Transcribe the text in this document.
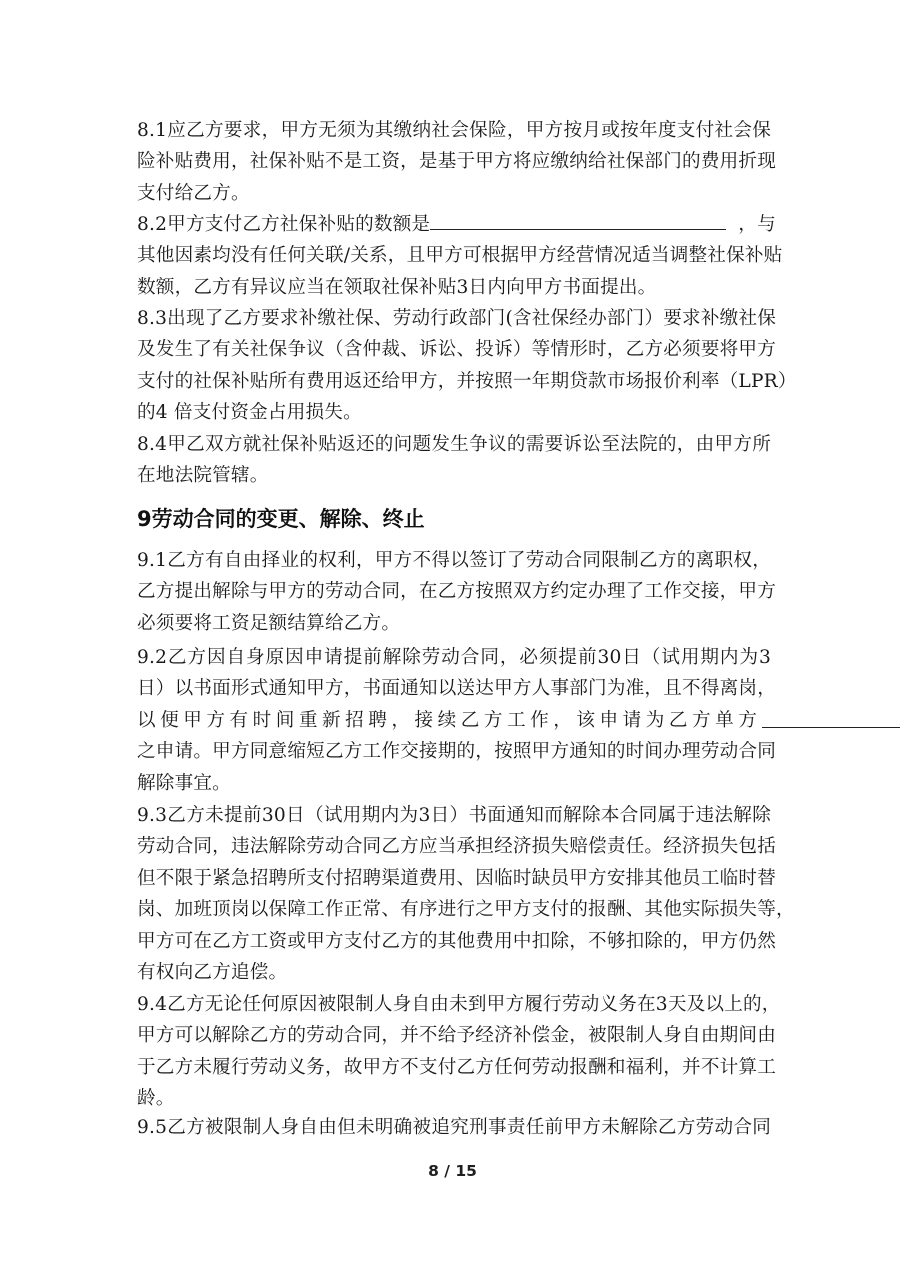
8.1应乙方要求，甲方无须为其缴纳社会保险，甲方按月或按年度支付社会保
险补贴费用，社保补贴不是工资，是基于甲方将应缴纳给社保部门的费用折现
支付给乙方。
8.2甲方支付乙方社保补贴的数额是	，与
其他因素均没有任何关联/关系，且甲方可根据甲方经营情况适当调整社保补贴
数额，乙方有异议应当在领取社保补贴3日内向甲方书面提出。
8.3出现了乙方要求补缴社保、劳动行政部门(含社保经办部门）要求补缴社保
及发生了有关社保争议（含仲裁、诉讼、投诉）等情形时，乙方必须要将甲方
支付的社保补贴所有费用返还给甲方，并按照一年期贷款市场报价利率（LPR）
的4 倍支付资金占用损失。
8.4甲乙双方就社保补贴返还的问题发生争议的需要诉讼至法院的，由甲方所
在地法院管辖。
9劳动合同的变更、解除、终止
9.1乙方有自由择业的权利，甲方不得以签订了劳动合同限制乙方的离职权，
乙方提出解除与甲方的劳动合同，在乙方按照双方约定办理了工作交接，甲方
必须要将工资足额结算给乙方。
9.2乙方因自身原因申请提前解除劳动合同，必须提前30日（试用期内为3
日）以书面形式通知甲方，书面通知以送达甲方人事部门为准，且不得离岗，
以便甲方有时间重新招聘，接续乙方工作，该申请为乙方单方
之申请。甲方同意缩短乙方工作交接期的，按照甲方通知的时间办理劳动合同
解除事宜。
9.3乙方未提前30日（试用期内为3日）书面通知而解除本合同属于违法解除
劳动合同，违法解除劳动合同乙方应当承担经济损失赔偿责任。经济损失包括
但不限于紧急招聘所支付招聘渠道费用、因临时缺员甲方安排其他员工临时替
岗、加班顶岗以保障工作正常、有序进行之甲方支付的报酬、其他实际损失等，
甲方可在乙方工资或甲方支付乙方的其他费用中扣除，不够扣除的，甲方仍然
有权向乙方追偿。
9.4乙方无论任何原因被限制人身自由未到甲方履行劳动义务在3天及以上的，
甲方可以解除乙方的劳动合同，并不给予经济补偿金，被限制人身自由期间由
于乙方未履行劳动义务，故甲方不支付乙方任何劳动报酬和福利，并不计算工
龄。
9.5乙方被限制人身自由但未明确被追究刑事责任前甲方未解除乙方劳动合同
8 / 15
